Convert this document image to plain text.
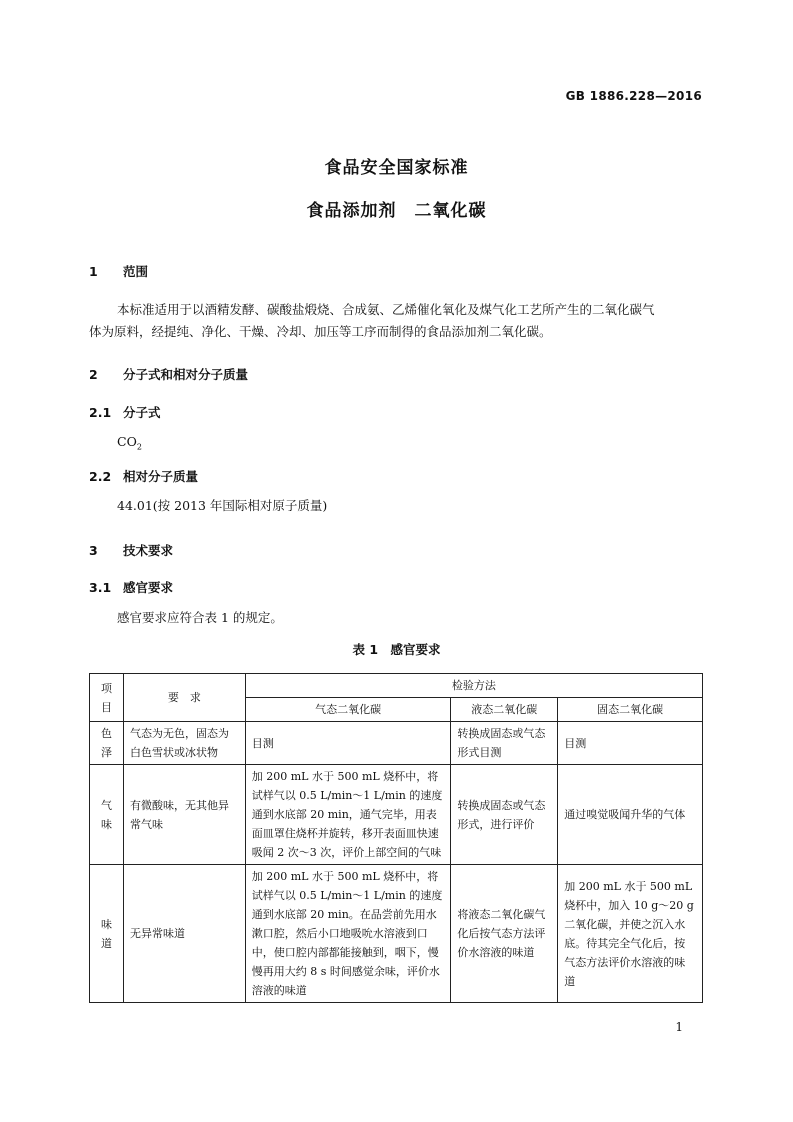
GB 1886.228—2016
食品安全国家标准
食品添加剂　二氧化碳
1 范围
本标准适用于以酒精发酵、碳酸盐煅烧、合成氨、乙烯催化氧化及煤气化工艺所产生的二氧化碳气
体为原料，经提纯、净化、干燥、冷却、加压等工序而制得的食品添加剂二氧化碳。
2 分子式和相对分子质量
2.1 分子式
$CO_2$
2.2 相对分子质量
44.01(按 2013 年国际相对原子质量)
3 技术要求
3.1 感官要求
感官要求应符合表 1 的规定。
表 1　感官要求
项目	要　求	检验方法		
		气态二氧化碳	液态二氧化碳	固态二氧化碳
色泽	气态为无色，固态为白色雪状或冰状物	目测	转换成固态或气态形式目测	目测
气味	有微酸味，无其他异常气味	加 200 mL 水于 500 mL 烧杯中，将试样气以 0.5 L/min～1 L/min 的速度通到水底部 20 min，通气完毕，用表面皿罩住烧杯并旋转，移开表面皿快速吸闻 2 次～3 次，评价上部空间的气味	转换成固态或气态形式，进行评价	通过嗅觉吸闻升华的气体
味道	无异常味道	加 200 mL 水于 500 mL 烧杯中，将试样气以 0.5 L/min～1 L/min 的速度通到水底部 20 min。在品尝前先用水漱口腔，然后小口地吸吮水溶液到口中，使口腔内部都能接触到，咽下，慢慢再用大约 8 s 时间感觉余味，评价水溶液的味道	将液态二氧化碳气化后按气态方法评价水溶液的味道	加 200 mL 水于 500 mL 烧杯中，加入 10 g～20 g 二氧化碳，并使之沉入水底。待其完全气化后，按气态方法评价水溶液的味道
1
